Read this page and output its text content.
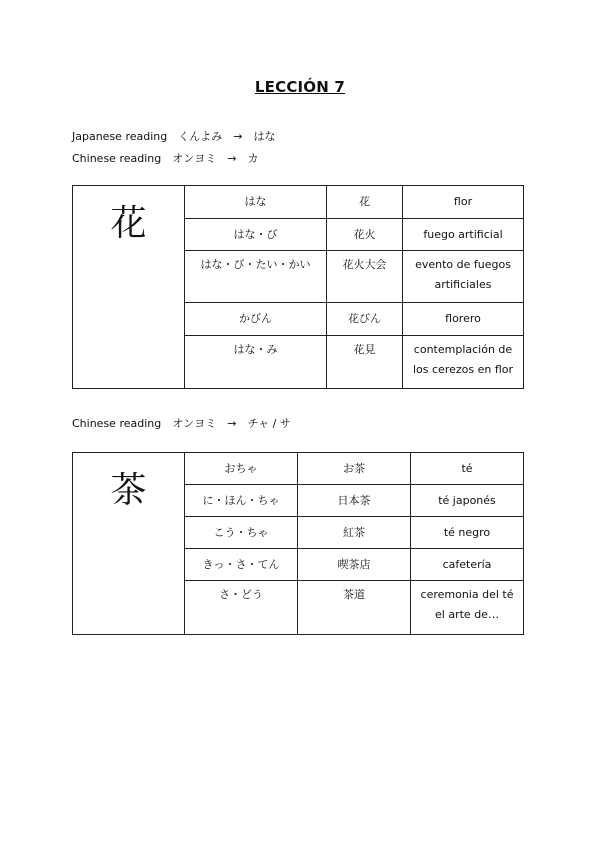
LECCIÓN 7
Japanese reading　くんよみ　→　はな
Chinese reading　オンヨミ　→　カ
花	はな	花	flor
	はな・び	花火	fuego artificial
	はな・び・たい・かい	花火大会	evento de fuegos artificiales
	かびん	花びん	florero
	はな・み	花見	contemplación de los cerezos en flor
Chinese reading　オンヨミ　→　チャ / サ
茶	おちゃ	お茶	té
	に・ほん・ちゃ	日本茶	té japonés
	こう・ちゃ	紅茶	té negro
	きっ・さ・てん	喫茶店	cafetería
	さ・どう	茶道	ceremonia del té el arte de…
